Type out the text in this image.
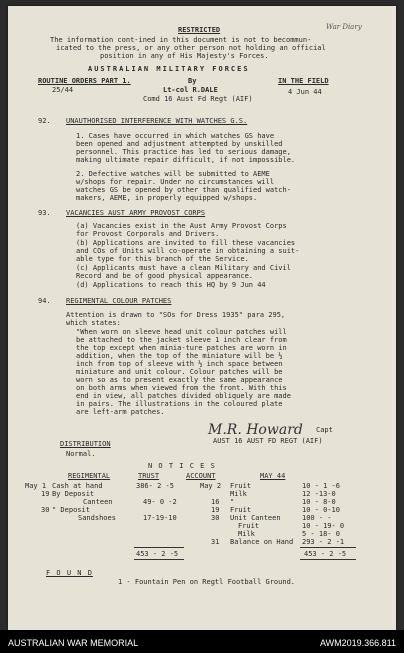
RESTRICTED	War Diary
The information cont-ined in this document is not to becommun-
icated to the press, or any other person not holding an official
position in any of His Majesty's Forces.
AUSTRALIAN MILITARY FORCES
ROUTINE ORDERS PART 1.	By	IN THE FIELD
25/44	Lt-col R.DALE	4 Jun 44
Comd 16 Aust Fd Regt (AIF)
92. UNAUTHORISED INTERFERENCE WITH WATCHES G.S.
1. Cases have occurred in which watches GS have
been opened and adjustment attempted by unskilled
personnel. This practice has led to serious damage,
making ultimate repair difficult, if not impossible.
2. Defective watches will be submitted to AEME
w/shops for repair. Under no circumstances will
watches GS be opened by other than qualified watch-
makers, AEME, in properly equipped w/shops.
93. VACANCIES AUST ARMY PROVOST CORPS
(a) Vacancies exist in the Aust Army Provost Corps
for Provost Corporals and Drivers.
(b) Applications are invited to fill these vacancies
and COs of Units will co-operate in obtaining a suit-
able type for this branch of the Service.
(c) Applicants must have a clean Military and Civil
Record and be of good physical appearance.
(d) Applications to reach this HQ by 9 Jun 44
94. REGIMENTAL COLOUR PATCHES
Attention is drawn to "SOs for Dress 1935" para 295,
which states:
"When worn on sleeve head unit colour patches will
be attached to the jacket sleeve 1 inch clear from
the top except when minia-ture patches are worn in
addition, when the top of the miniature will be ½
inch from top of sleeve with ½ inch space between
miniature and unit colour. Colour patches will be
worn so as to present exactly the same appearance
on both arms when viewed from the front. With this
end in view, all patches divided obliquely are made
in pairs. The illustrations in the coloured plate
are left-arm patches.
M.R. Howard Capt
AUST 16 AUST FD REGT (AIF)
DISTRIBUTION
Normal.
N O T I C E S
REGIMENTAL	TRUST	ACCOUNT	MAY 44
May 1 Cash at hand	386- 2 -5
19 By Deposit
Canteen	49- 0 -2
30 " Deposit
Sandshoes	17-19-10
May 2 Fruit	10 - 1 -6
Milk	12 -13-0
16 "	10 - 8-0
19 Fruit	10 - 0-10
30 Unit Canteen	100 - -
Fruit	10 - 19- 0
Milk	5 - 18- 0
31 Balance on Hand 293 - 2 -1
453 - 2 -5	453 - 2 -5
F O U N D
1 - Fountain Pen on Regtl Football Ground.
AUSTRALIAN WAR MEMORIAL	AWM2019.366.811
